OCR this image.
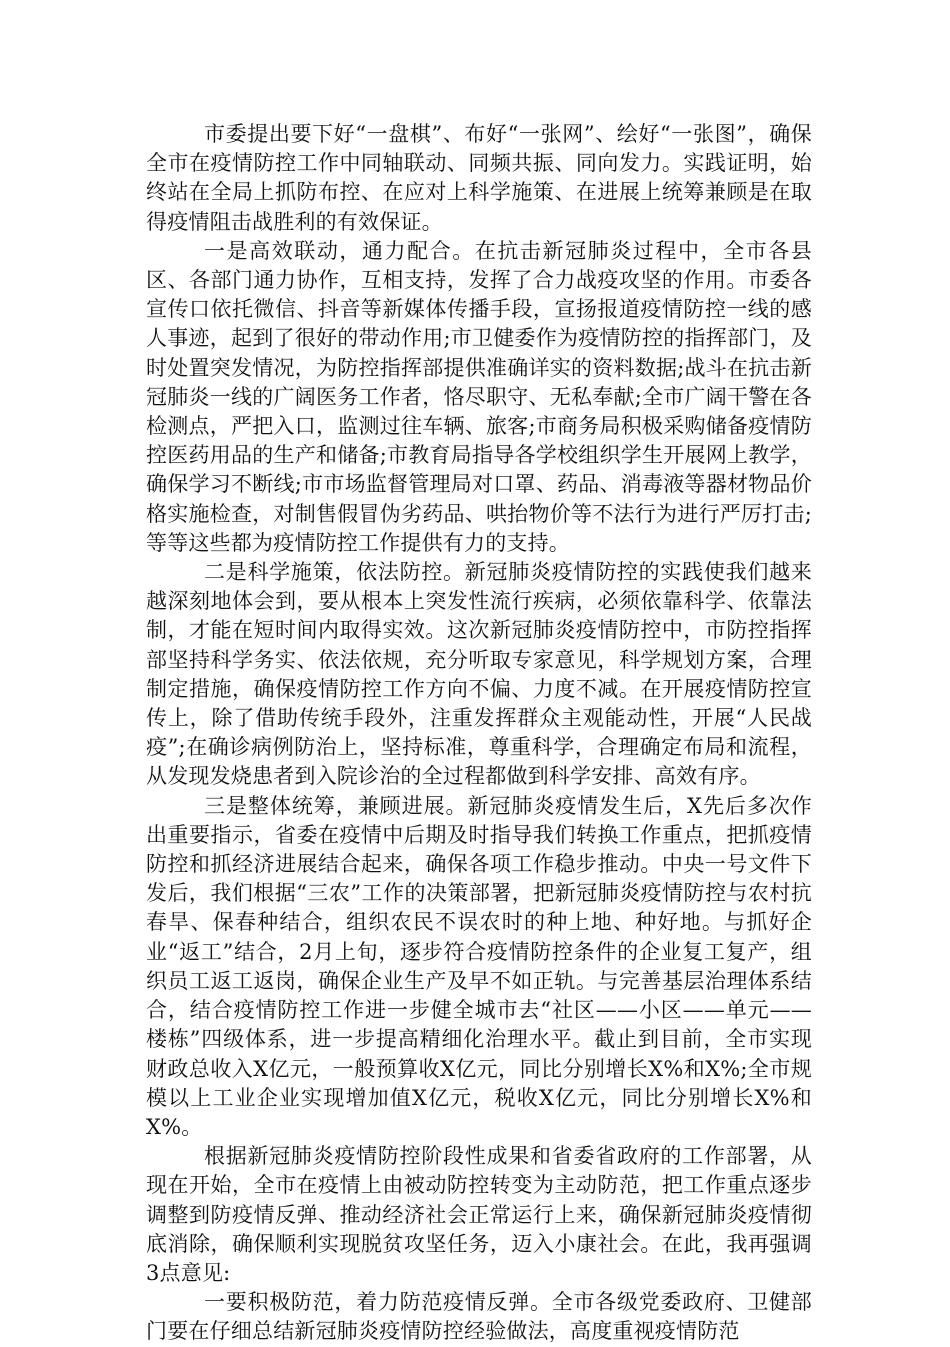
市委提出要下好“一盘棋”、布好“一张网”、绘好“一张图”，确保全市在疫情防控工作中同轴联动、同频共振、同向发力。实践证明，始终站在全局上抓防布控、在应对上科学施策、在进展上统筹兼顾是在取得疫情阻击战胜利的有效保证。

一是高效联动，通力配合。在抗击新冠肺炎过程中，全市各县区、各部门通力协作，互相支持，发挥了合力战疫攻坚的作用。市委各宣传口依托微信、抖音等新媒体传播手段，宣扬报道疫情防控一线的感人事迹，起到了很好的带动作用;市卫健委作为疫情防控的指挥部门，及时处置突发情况，为防控指挥部提供准确详实的资料数据;战斗在抗击新冠肺炎一线的广阔医务工作者，恪尽职守、无私奉献;全市广阔干警在各检测点，严把入口，监测过往车辆、旅客;市商务局积极采购储备疫情防控医药用品的生产和储备;市教育局指导各学校组织学生开展网上教学，确保学习不断线;市市场监督管理局对口罩、药品、消毒液等器材物品价格实施检查，对制售假冒伪劣药品、哄抬物价等不法行为进行严厉打击;等等这些都为疫情防控工作提供有力的支持。

二是科学施策，依法防控。新冠肺炎疫情防控的实践使我们越来越深刻地体会到，要从根本上突发性流行疾病，必须依靠科学、依靠法制，才能在短时间内取得实效。这次新冠肺炎疫情防控中，市防控指挥部坚持科学务实、依法依规，充分听取专家意见，科学规划方案，合理制定措施，确保疫情防控工作方向不偏、力度不减。在开展疫情防控宣传上，除了借助传统手段外，注重发挥群众主观能动性，开展“人民战疫”;在确诊病例防治上，坚持标准，尊重科学，合理确定布局和流程，从发现发烧患者到入院诊治的全过程都做到科学安排、高效有序。

三是整体统筹，兼顾进展。新冠肺炎疫情发生后，X先后多次作出重要指示，省委在疫情中后期及时指导我们转换工作重点，把抓疫情防控和抓经济进展结合起来，确保各项工作稳步推动。中央一号文件下发后，我们根据“三农”工作的决策部署，把新冠肺炎疫情防控与农村抗春旱、保春种结合，组织农民不误农时的种上地、种好地。与抓好企业“返工”结合，2月上旬，逐步符合疫情防控条件的企业复工复产，组织员工返工返岗，确保企业生产及早不如正轨。与完善基层治理体系结合，结合疫情防控工作进一步健全城市去“社区——小区——单元——楼栋”四级体系，进一步提高精细化治理水平。截止到目前，全市实现财政总收入X亿元，一般预算收X亿元，同比分别增长X%和X%;全市规模以上工业企业实现增加值X亿元，税收X亿元，同比分别增长X%和X%。

根据新冠肺炎疫情防控阶段性成果和省委省政府的工作部署，从现在开始，全市在疫情上由被动防控转变为主动防范，把工作重点逐步调整到防疫情反弹、推动经济社会正常运行上来，确保新冠肺炎疫情彻底消除，确保顺利实现脱贫攻坚任务，迈入小康社会。在此，我再强调3点意见:

一要积极防范，着力防范疫情反弹。全市各级党委政府、卫健部门要在仔细总结新冠肺炎疫情防控经验做法，高度重视疫情防范
